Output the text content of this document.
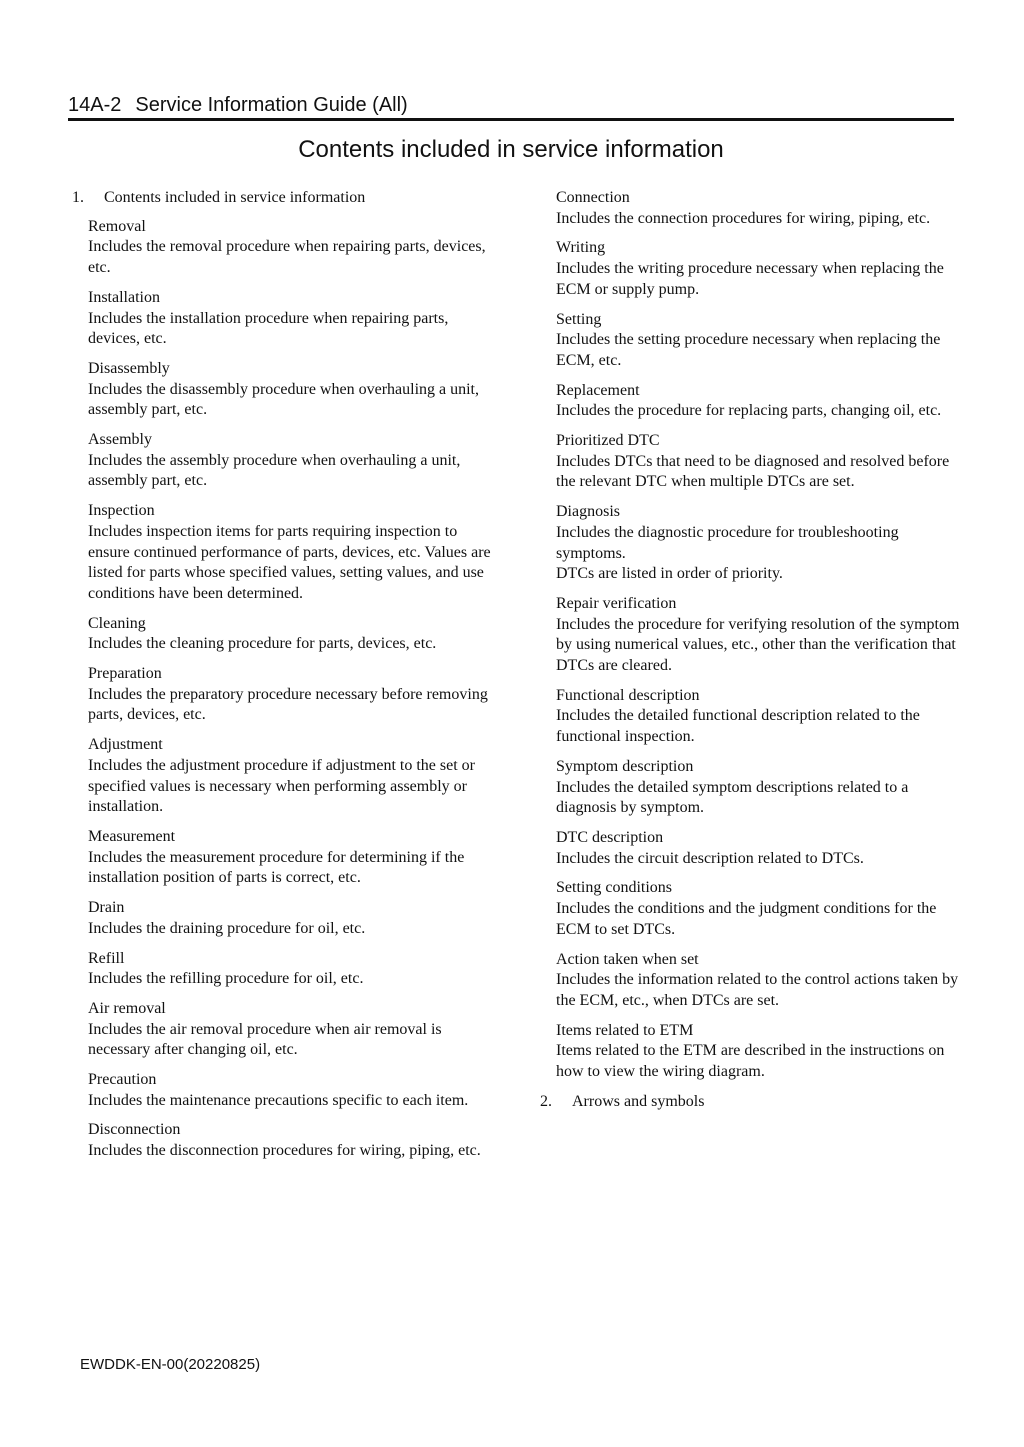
14A-2 Service Information Guide (All)
Contents included in service information
1.	Contents included in service information
Removal
Includes the removal procedure when repairing parts, devices, etc.
Installation
Includes the installation procedure when repairing parts, devices, etc.
Disassembly
Includes the disassembly procedure when overhauling a unit, assembly part, etc.
Assembly
Includes the assembly procedure when overhauling a unit, assembly part, etc.
Inspection
Includes inspection items for parts requiring inspection to ensure continued performance of parts, devices, etc. Values are listed for parts whose specified values, setting values, and use conditions have been determined.
Cleaning
Includes the cleaning procedure for parts, devices, etc.
Preparation
Includes the preparatory procedure necessary before removing parts, devices, etc.
Adjustment
Includes the adjustment procedure if adjustment to the set or specified values is necessary when performing assembly or installation.
Measurement
Includes the measurement procedure for determining if the installation position of parts is correct, etc.
Drain
Includes the draining procedure for oil, etc.
Refill
Includes the refilling procedure for oil, etc.
Air removal
Includes the air removal procedure when air removal is necessary after changing oil, etc.
Precaution
Includes the maintenance precautions specific to each item.
Disconnection
Includes the disconnection procedures for wiring, piping, etc.
Connection
Includes the connection procedures for wiring, piping, etc.
Writing
Includes the writing procedure necessary when replacing the ECM or supply pump.
Setting
Includes the setting procedure necessary when replacing the ECM, etc.
Replacement
Includes the procedure for replacing parts, changing oil, etc.
Prioritized DTC
Includes DTCs that need to be diagnosed and resolved before the relevant DTC when multiple DTCs are set.
Diagnosis
Includes the diagnostic procedure for troubleshooting symptoms.
DTCs are listed in order of priority.
Repair verification
Includes the procedure for verifying resolution of the symptom by using numerical values, etc., other than the verification that DTCs are cleared.
Functional description
Includes the detailed functional description related to the functional inspection.
Symptom description
Includes the detailed symptom descriptions related to a diagnosis by symptom.
DTC description
Includes the circuit description related to DTCs.
Setting conditions
Includes the conditions and the judgment conditions for the ECM to set DTCs.
Action taken when set
Includes the information related to the control actions taken by the ECM, etc., when DTCs are set.
Items related to ETM
Items related to the ETM are described in the instructions on how to view the wiring diagram.
2.	Arrows and symbols
EWDDK-EN-00(20220825)
